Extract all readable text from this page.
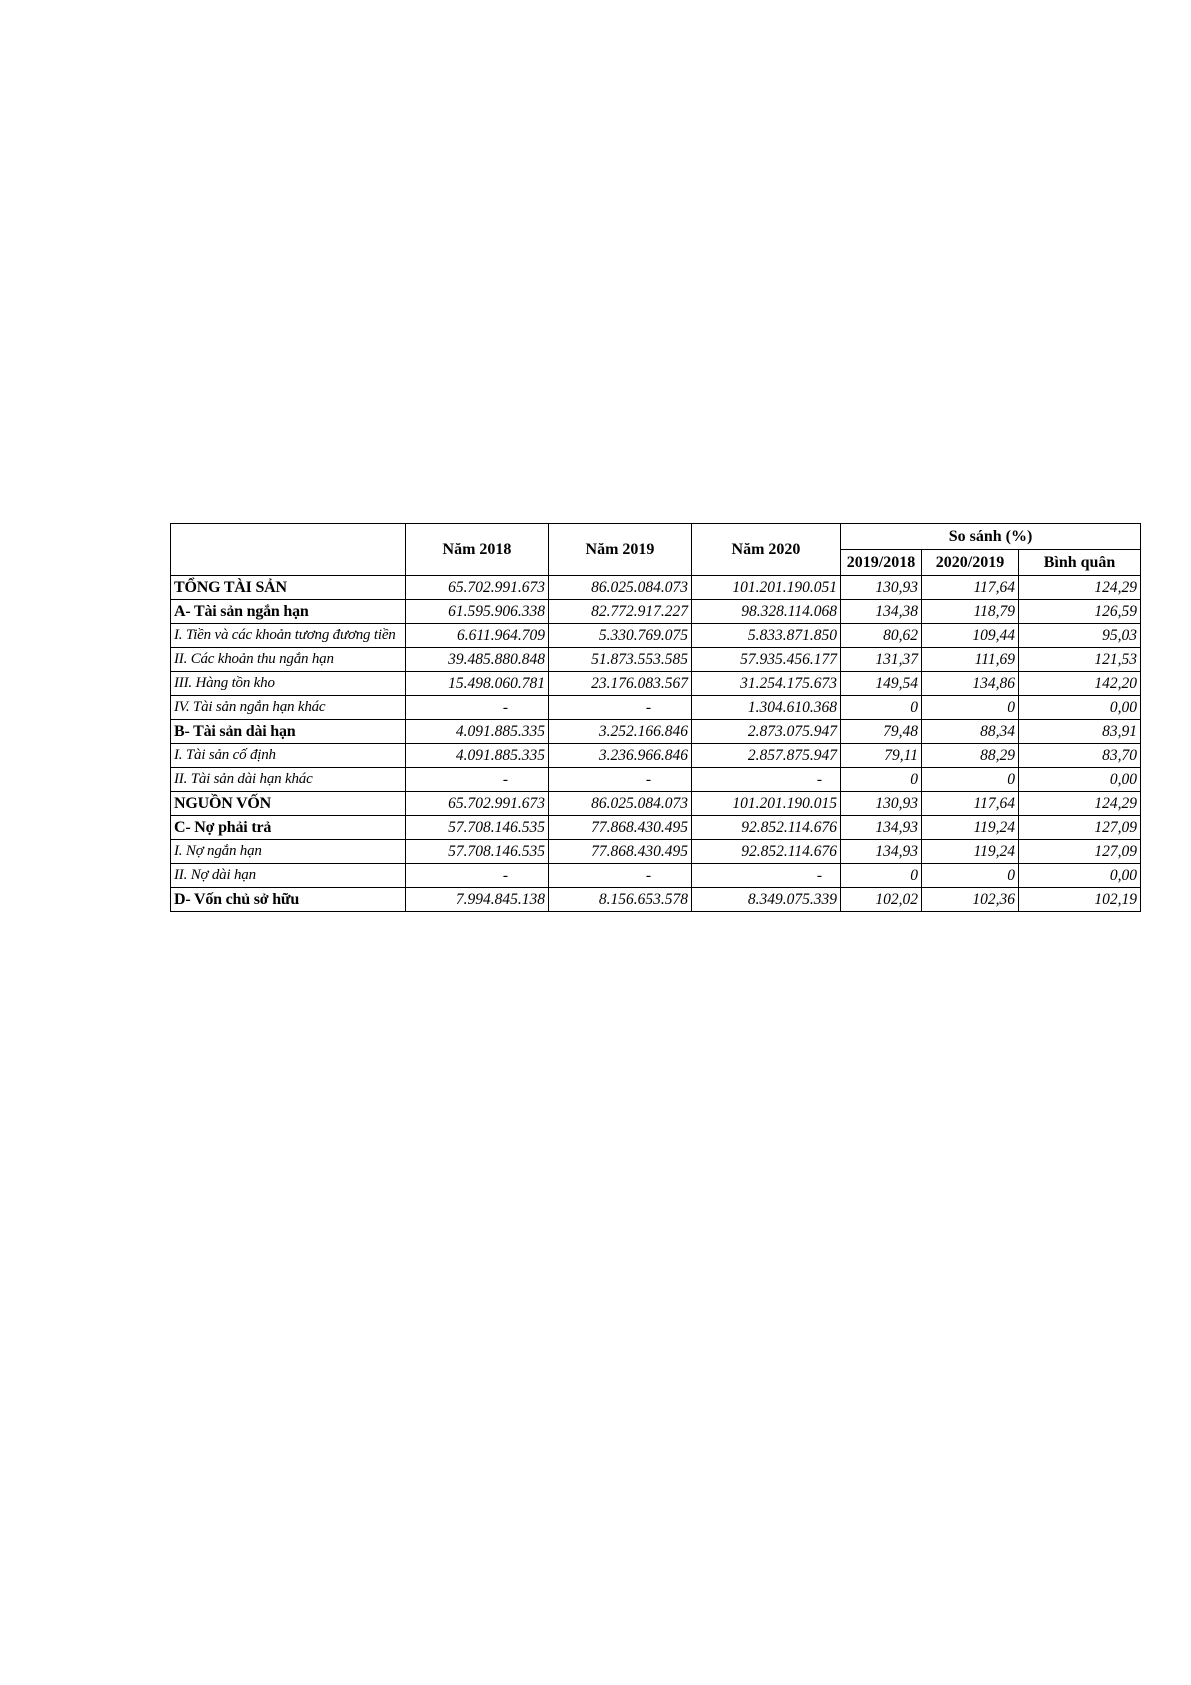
	Năm 2018	Năm 2019	Năm 2020	So sánh (%)		
				2019/2018	2020/2019	Bình quân
TỔNG TÀI SẢN	65.702.991.673	86.025.084.073	101.201.190.051	130,93	117,64	124,29
A- Tài sản ngắn hạn	61.595.906.338	82.772.917.227	98.328.114.068	134,38	118,79	126,59
I. Tiền và các khoản tương đương tiền	6.611.964.709	5.330.769.075	5.833.871.850	80,62	109,44	95,03
II. Các khoản thu ngắn hạn	39.485.880.848	51.873.553.585	57.935.456.177	131,37	111,69	121,53
III. Hàng tồn kho	15.498.060.781	23.176.083.567	31.254.175.673	149,54	134,86	142,20
IV. Tài sản ngắn hạn khác	-	-	1.304.610.368	0	0	0,00
B- Tài sản dài hạn	4.091.885.335	3.252.166.846	2.873.075.947	79,48	88,34	83,91
I. Tài sản cố định	4.091.885.335	3.236.966.846	2.857.875.947	79,11	88,29	83,70
II. Tài sản dài hạn khác	-	-	-	0	0	0,00
NGUỒN VỐN	65.702.991.673	86.025.084.073	101.201.190.015	130,93	117,64	124,29
C- Nợ phải trả	57.708.146.535	77.868.430.495	92.852.114.676	134,93	119,24	127,09
I. Nợ ngắn hạn	57.708.146.535	77.868.430.495	92.852.114.676	134,93	119,24	127,09
II. Nợ dài hạn	-	-	-	0	0	0,00
D- Vốn chủ sở hữu	7.994.845.138	8.156.653.578	8.349.075.339	102,02	102,36	102,19
